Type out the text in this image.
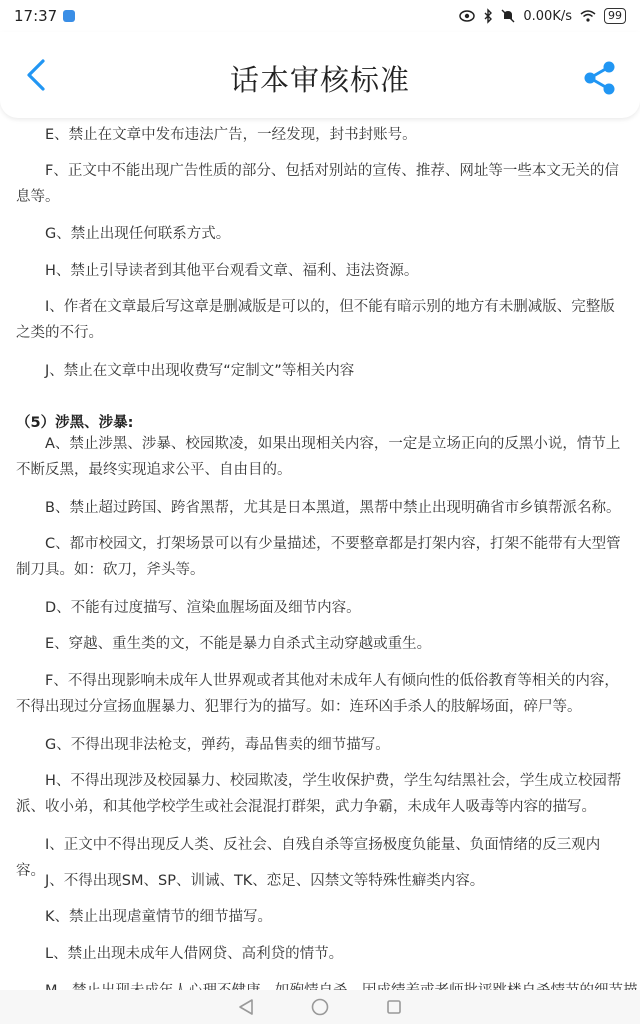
17:37	0.00K/s	99
话本审核标准

E、禁止在文章中发布违法广告，一经发现，封书封账号。

F、正文中不能出现广告性质的部分、包括对别站的宣传、推荐、网址等一些本文无关的信息等。

G、禁止出现任何联系方式。

H、禁止引导读者到其他平台观看文章、福利、违法资源。

I、作者在文章最后写这章是删减版是可以的，但不能有暗示别的地方有未删减版、完整版之类的不行。

J、禁止在文章中出现收费写“定制文”等相关内容

（5）涉黑、涉暴:

A、禁止涉黑、涉暴、校园欺凌，如果出现相关内容，一定是立场正向的反黑小说，情节上不断反黑，最终实现追求公平、自由目的。

B、禁止超过跨国、跨省黑帮，尤其是日本黑道，黑帮中禁止出现明确省市乡镇帮派名称。

C、都市校园文，打架场景可以有少量描述，不要整章都是打架内容，打架不能带有大型管制刀具。如：砍刀，斧头等。

D、不能有过度描写、渲染血腥场面及细节内容。

E、穿越、重生类的文，不能是暴力自杀式主动穿越或重生。

F、不得出现影响未成年人世界观或者其他对未成年人有倾向性的低俗教育等相关的内容，不得出现过分宣扬血腥暴力、犯罪行为的描写。如：连环凶手杀人的肢解场面，碎尸等。

G、不得出现非法枪支，弹药，毒品售卖的细节描写。

H、不得出现涉及校园暴力、校园欺凌，学生收保护费，学生勾结黑社会，学生成立校园帮派、收小弟，和其他学校学生或社会混混打群架，武力争霸，未成年人吸毒等内容的描写。

I、正文中不得出现反人类、反社会、自残自杀等宣扬极度负能量、负面情绪的反三观内容。

J、不得出现SM、SP、训诫、TK、恋足、囚禁文等特殊性癖类内容。

K、禁止出现虐童情节的细节描写。

L、禁止出现未成年人借网贷、高利贷的情节。
